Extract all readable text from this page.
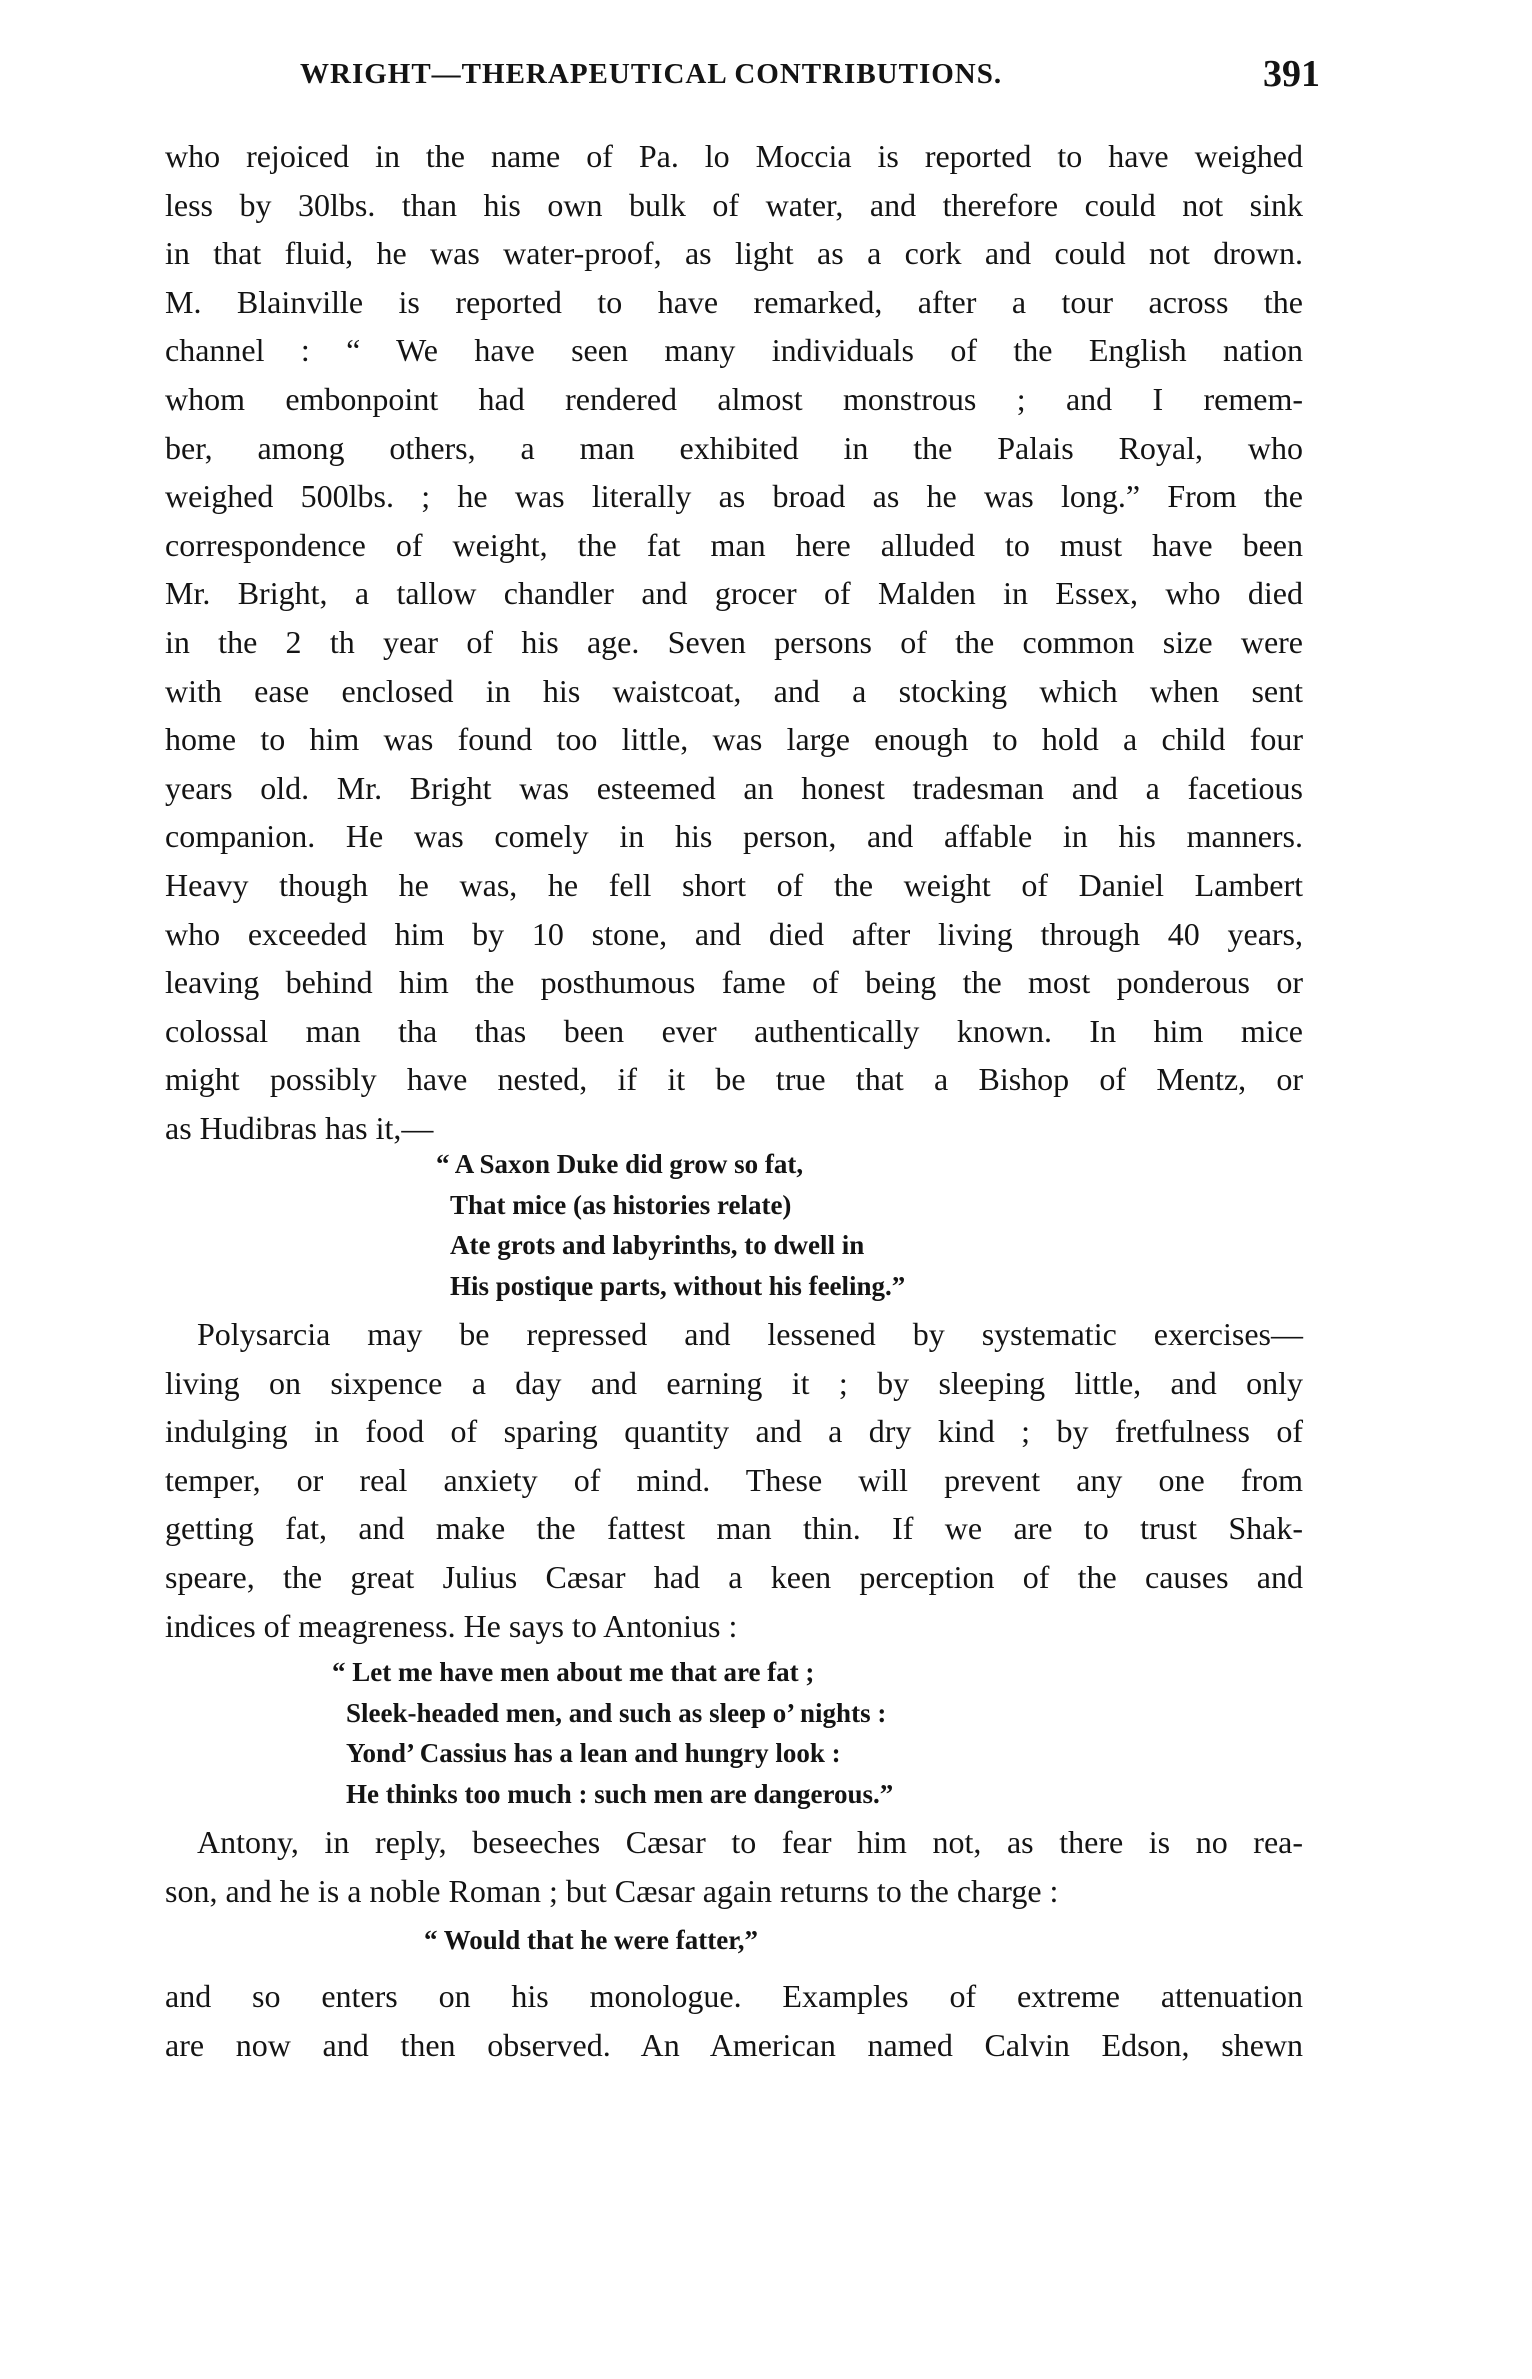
WRIGHT—THERAPEUTICAL CONTRIBUTIONS.	391
who rejoiced in the name of Pa. lo Moccia is reported to have weighed
less by 30lbs. than his own bulk of water, and therefore could not sink
in that fluid, he was water-proof, as light as a cork and could not drown.
M. Blainville is reported to have remarked, after a tour across the
channel : “ We have seen many individuals of the English nation
whom embonpoint had rendered almost monstrous ; and I remem-
ber, among others, a man exhibited in the Palais Royal, who
weighed 500lbs. ; he was literally as broad as he was long.” From the
correspondence of weight, the fat man here alluded to must have been
Mr. Bright, a tallow chandler and grocer of Malden in Essex, who died
in the 2 th year of his age. Seven persons of the common size were
with ease enclosed in his waistcoat, and a stocking which when sent
home to him was found too little, was large enough to hold a child four
years old. Mr. Bright was esteemed an honest tradesman and a facetious
companion. He was comely in his person, and affable in his manners.
Heavy though he was, he fell short of the weight of Daniel Lambert
who exceeded him by 10 stone, and died after living through 40 years,
leaving behind him the posthumous fame of being the most ponderous or
colossal man tha thas been ever authentically known. In him mice
might possibly have nested, if it be true that a Bishop of Mentz, or
as Hudibras has it,—
“ A Saxon Duke did grow so fat,
That mice (as histories relate)
Ate grots and labyrinths, to dwell in
His postique parts, without his feeling.”
Polysarcia may be repressed and lessened by systematic exercises—
living on sixpence a day and earning it ; by sleeping little, and only
indulging in food of sparing quantity and a dry kind ; by fretfulness of
temper, or real anxiety of mind. These will prevent any one from
getting fat, and make the fattest man thin. If we are to trust Shak-
speare, the great Julius Cæsar had a keen perception of the causes and
indices of meagreness. He says to Antonius :
“ Let me have men about me that are fat ;
Sleek-headed men, and such as sleep o’ nights :
Yond’ Cassius has a lean and hungry look :
He thinks too much : such men are dangerous.”
Antony, in reply, beseeches Cæsar to fear him not, as there is no rea-
son, and he is a noble Roman ; but Cæsar again returns to the charge :
“ Would that he were fatter,”
and so enters on his monologue. Examples of extreme attenuation
are now and then observed. An American named Calvin Edson, shewn
